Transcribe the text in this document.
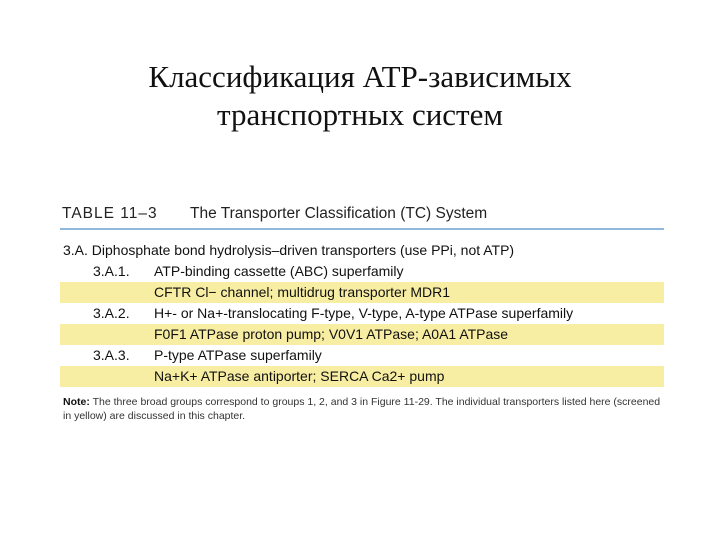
Классификация ATP-зависимых
транспортных систем
TABLE 11–3 The Transporter Classification (TC) System
3.A. Diphosphate bond hydrolysis–driven transporters (use PPi, not ATP)
3.A.1. ATP-binding cassette (ABC) superfamily
CFTR Cl− channel; multidrug transporter MDR1
3.A.2. H+- or Na+-translocating F-type, V-type, A-type ATPase superfamily
F0F1 ATPase proton pump; V0V1 ATPase; A0A1 ATPase
3.A.3. P-type ATPase superfamily
Na+K+ ATPase antiporter; SERCA Ca2+ pump
Note: The three broad groups correspond to groups 1, 2, and 3 in Figure 11-29. The individual transporters listed here (screened in yellow) are discussed in this chapter.
